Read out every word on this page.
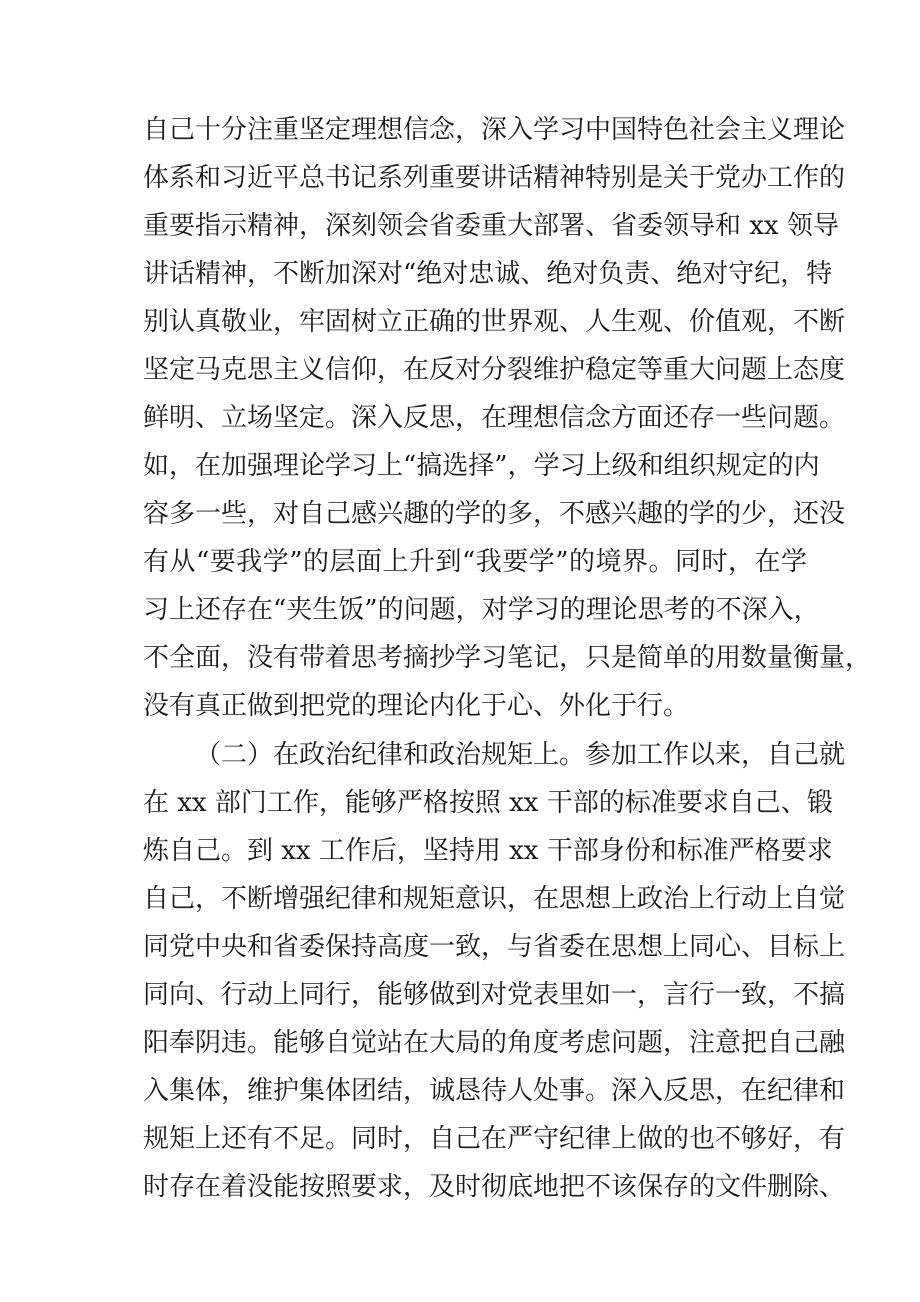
自己十分注重坚定理想信念，深入学习中国特色社会主义理论
体系和习近平总书记系列重要讲话精神特别是关于党办工作的
重要指示精神，深刻领会省委重大部署、省委领导和 xx 领导
讲话精神，不断加深对“绝对忠诚、绝对负责、绝对守纪，特
别认真敬业，牢固树立正确的世界观、人生观、价值观，不断
坚定马克思主义信仰，在反对分裂维护稳定等重大问题上态度
鲜明、立场坚定。深入反思，在理想信念方面还存一些问题。
如，在加强理论学习上“搞选择”，学习上级和组织规定的内
容多一些，对自己感兴趣的学的多，不感兴趣的学的少，还没
有从“要我学”的层面上升到“我要学”的境界。同时，在学
习上还存在“夹生饭”的问题，对学习的理论思考的不深入，
不全面，没有带着思考摘抄学习笔记，只是简单的用数量衡量，
没有真正做到把党的理论内化于心、外化于行。
（二）在政治纪律和政治规矩上。参加工作以来，自己就
在 xx 部门工作，能够严格按照 xx 干部的标准要求自己、锻
炼自己。到 xx 工作后，坚持用 xx 干部身份和标准严格要求
自己，不断增强纪律和规矩意识，在思想上政治上行动上自觉
同党中央和省委保持高度一致，与省委在思想上同心、目标上
同向、行动上同行，能够做到对党表里如一，言行一致，不搞
阳奉阴违。能够自觉站在大局的角度考虑问题，注意把自己融
入集体，维护集体团结，诚恳待人处事。深入反思，在纪律和
规矩上还有不足。同时，自己在严守纪律上做的也不够好，有
时存在着没能按照要求，及时彻底地把不该保存的文件删除、
